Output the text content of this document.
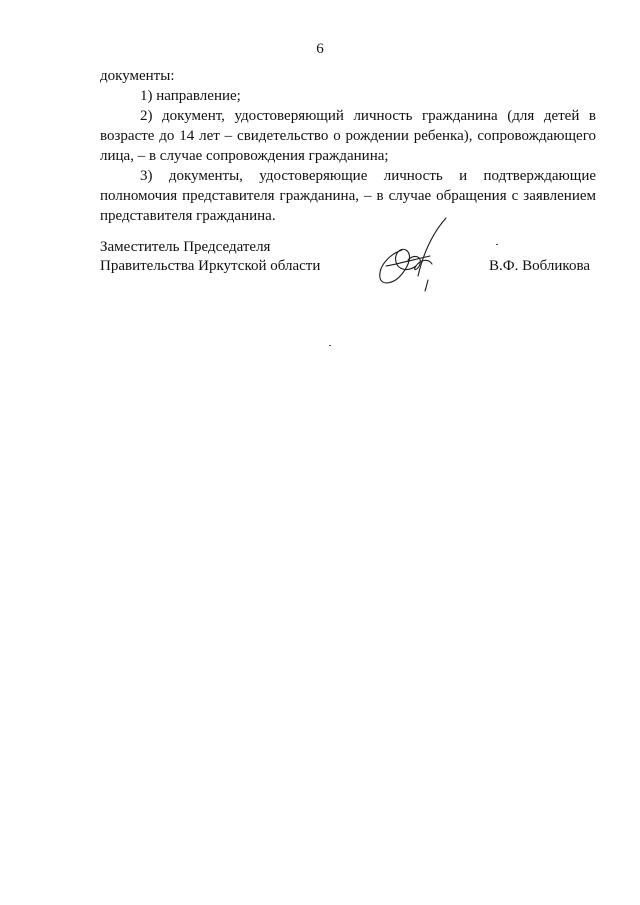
6

документы:

1) направление;

2) документ, удостоверяющий личность гражданина (для детей в возрасте до 14 лет – свидетельство о рождении ребенка), сопровождающего лица, – в случае сопровождения гражданина;

3) документы, удостоверяющие личность и подтверждающие полномочия представителя гражданина, – в случае обращения с заявлением представителя гражданина.

Заместитель Председателя
Правительства Иркутской области	В.Ф. Вобликова
